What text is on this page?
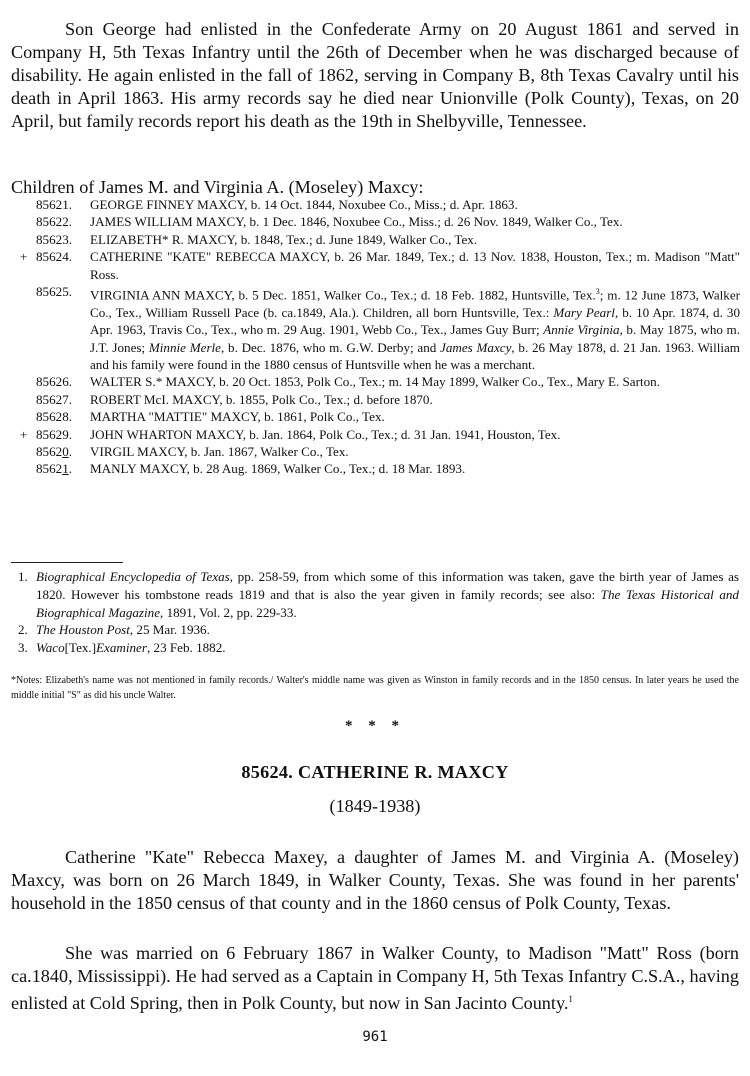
Son George had enlisted in the Confederate Army on 20 August 1861 and served in Company H, 5th Texas Infantry until the 26th of December when he was discharged because of disability. He again enlisted in the fall of 1862, serving in Company B, 8th Texas Cavalry until his death in April 1863. His army records say he died near Unionville (Polk County), Texas, on 20 April, but family records report his death as the 19th in Shelbyville, Tennessee.

Children of James M. and Virginia A. (Moseley) Maxcy:
85621. GEORGE FINNEY MAXCY, b. 14 Oct. 1844, Noxubee Co., Miss.; d. Apr. 1863.
85622. JAMES WILLIAM MAXCY, b. 1 Dec. 1846, Noxubee Co., Miss.; d. 26 Nov. 1849, Walker Co., Tex.
85623. ELIZABETH* R. MAXCY, b. 1848, Tex.; d. June 1849, Walker Co., Tex.
+ 85624. CATHERINE "KATE" REBECCA MAXCY, b. 26 Mar. 1849, Tex.; d. 13 Nov. 1838, Houston, Tex.; m. Madison "Matt" Ross.
85625. VIRGINIA ANN MAXCY, b. 5 Dec. 1851, Walker Co., Tex.; d. 18 Feb. 1882, Huntsville, Tex.$^3$; m. 12 June 1873, Walker Co., Tex., William Russell Pace (b. ca.1849, Ala.). Children, all born Huntsville, Tex.: Mary Pearl, b. 10 Apr. 1874, d. 30 Apr. 1963, Travis Co., Tex., who m. 29 Aug. 1901, Webb Co., Tex., James Guy Burr; Annie Virginia, b. May 1875, who m. J.T. Jones; Minnie Merle, b. Dec. 1876, who m. G.W. Derby; and James Maxcy, b. 26 May 1878, d. 21 Jan. 1963. William and his family were found in the 1880 census of Huntsville when he was a merchant.
85626. WALTER S.* MAXCY, b. 20 Oct. 1853, Polk Co., Tex.; m. 14 May 1899, Walker Co., Tex., Mary E. Sarton.
85627. ROBERT McI. MAXCY, b. 1855, Polk Co., Tex.; d. before 1870.
85628. MARTHA "MATTIE" MAXCY, b. 1861, Polk Co., Tex.
+ 85629. JOHN WHARTON MAXCY, b. Jan. 1864, Polk Co., Tex.; d. 31 Jan. 1941, Houston, Tex.
85620. VIRGIL MAXCY, b. Jan. 1867, Walker Co., Tex.
85621. MANLY MAXCY, b. 28 Aug. 1869, Walker Co., Tex.; d. 18 Mar. 1893.
1. Biographical Encyclopedia of Texas, pp. 258-59, from which some of this information was taken, gave the birth year of James as 1820. However his tombstone reads 1819 and that is also the year given in family records; see also: The Texas Historical and Biographical Magazine, 1891, Vol. 2, pp. 229-33.
2. The Houston Post, 25 Mar. 1936.
3. Waco[Tex.]Examiner, 23 Feb. 1882.
*Notes: Elizabeth's name was not mentioned in family records./ Walter's middle name was given as Winston in family records and in the 1850 census. In later years he used the middle initial "S" as did his uncle Walter.
* * *
85624. CATHERINE R. MAXCY
(1849-1938)

Catherine "Kate" Rebecca Maxey, a daughter of James M. and Virginia A. (Moseley) Maxcy, was born on 26 March 1849, in Walker County, Texas. She was found in her parents' household in the 1850 census of that county and in the 1860 census of Polk County, Texas.

She was married on 6 February 1867 in Walker County, to Madison "Matt" Ross (born ca.1840, Mississippi). He had served as a Captain in Company H, 5th Texas Infantry C.S.A., having enlisted at Cold Spring, then in Polk County, but now in San Jacinto County.$^1$

961
